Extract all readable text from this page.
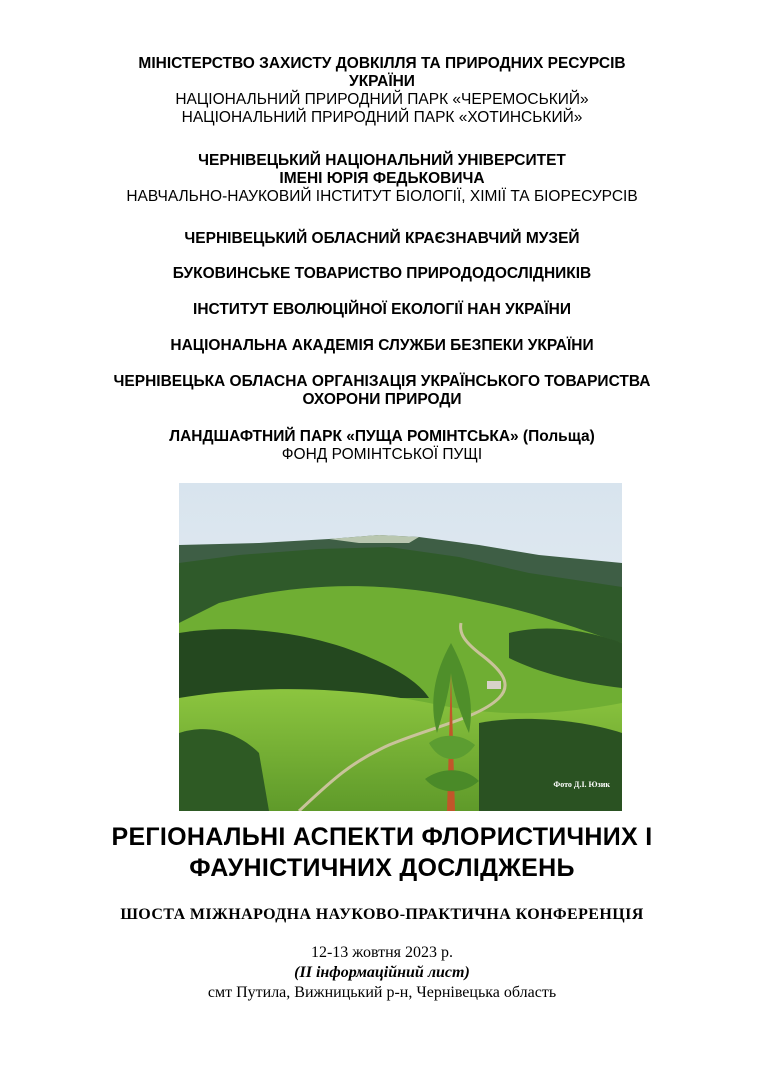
МІНІСТЕРСТВО ЗАХИСТУ ДОВКІЛЛЯ ТА ПРИРОДНИХ РЕСУРСІВ
УКРАЇНИ
НАЦІОНАЛЬНИЙ ПРИРОДНИЙ ПАРК «ЧЕРЕМОСЬКИЙ»
НАЦІОНАЛЬНИЙ ПРИРОДНИЙ ПАРК «ХОТИНСЬКИЙ»
ЧЕРНІВЕЦЬКИЙ НАЦІОНАЛЬНИЙ УНІВЕРСИТЕТ
ІМЕНІ ЮРІЯ ФЕДЬКОВИЧА
НАВЧАЛЬНО-НАУКОВИЙ ІНСТИТУТ БІОЛОГІЇ, ХІМІЇ ТА БІОРЕСУРСІВ
ЧЕРНІВЕЦЬКИЙ ОБЛАСНИЙ КРАЄЗНАВЧИЙ МУЗЕЙ
БУКОВИНСЬКЕ ТОВАРИСТВО ПРИРОДОДОСЛІДНИКІВ
ІНСТИТУТ ЕВОЛЮЦІЙНОЇ ЕКОЛОГІЇ НАН УКРАЇНИ
НАЦІОНАЛЬНА АКАДЕМІЯ СЛУЖБИ БЕЗПЕКИ УКРАЇНИ
ЧЕРНІВЕЦЬКА ОБЛАСНА ОРГАНІЗАЦІЯ УКРАЇНСЬКОГО ТОВАРИСТВА
ОХОРОНИ ПРИРОДИ
ЛАНДШАФТНИЙ ПАРК «ПУЩА РОМІНТСЬКА» (Польща)
ФОНД РОМІНТСЬКОЇ ПУЩІ
Фото Д.І. Юзик
РЕГІОНАЛЬНІ АСПЕКТИ ФЛОРИСТИЧНИХ І
ФАУНІСТИЧНИХ ДОСЛІДЖЕНЬ
ШОСТА МІЖНАРОДНА НАУКОВО-ПРАКТИЧНА КОНФЕРЕНЦІЯ
12-13 жовтня 2023 р.
(ІІ інформаційний лист)
смт Путила, Вижницький р-н, Чернівецька область
